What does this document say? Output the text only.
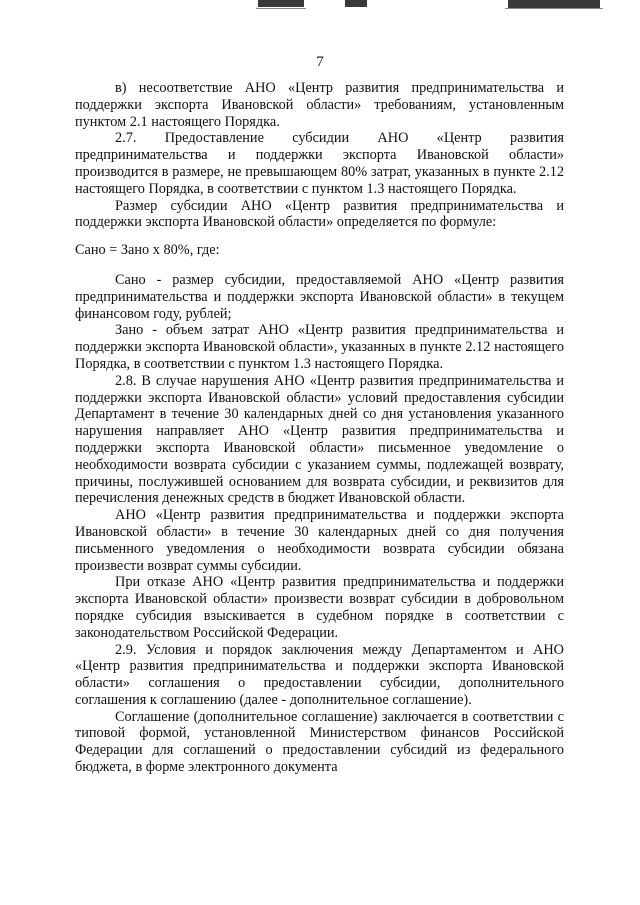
7

в) несоответствие АНО «Центр развития предпринимательства и поддержки экспорта Ивановской области» требованиям, установленным пунктом 2.1 настоящего Порядка.

2.7. Предоставление субсидии АНО «Центр развития предпринимательства и поддержки экспорта Ивановской области» производится в размере, не превышающем 80% затрат, указанных в пункте 2.12 настоящего Порядка, в соответствии с пунктом 1.3 настоящего Порядка.

Размер субсидии АНО «Центр развития предпринимательства и поддержки экспорта Ивановской области» определяется по формуле:

Сано = Зано х 80%, где:

Сано - размер субсидии, предоставляемой АНО «Центр развития предпринимательства и поддержки экспорта Ивановской области» в текущем финансовом году, рублей;

Зано - объем затрат АНО «Центр развития предпринимательства и поддержки экспорта Ивановской области», указанных в пункте 2.12 настоящего Порядка, в соответствии с пунктом 1.3 настоящего Порядка.

2.8. В случае нарушения АНО «Центр развития предпринимательства и поддержки экспорта Ивановской области» условий предоставления субсидии Департамент в течение 30 календарных дней со дня установления указанного нарушения направляет АНО «Центр развития предпринимательства и поддержки экспорта Ивановской области» письменное уведомление о необходимости возврата субсидии с указанием суммы, подлежащей возврату, причины, послужившей основанием для возврата субсидии, и реквизитов для перечисления денежных средств в бюджет Ивановской области.

АНО «Центр развития предпринимательства и поддержки экспорта Ивановской области» в течение 30 календарных дней со дня получения письменного уведомления о необходимости возврата субсидии обязана произвести возврат суммы субсидии.

При отказе АНО «Центр развития предпринимательства и поддержки экспорта Ивановской области» произвести возврат субсидии в добровольном порядке субсидия взыскивается в судебном порядке в соответствии с законодательством Российской Федерации.

2.9. Условия и порядок заключения между Департаментом и АНО «Центр развития предпринимательства и поддержки экспорта Ивановской области» соглашения о предоставлении субсидии, дополнительного соглашения к соглашению (далее - дополнительное соглашение).

Соглашение (дополнительное соглашение) заключается в соответствии с типовой формой, установленной Министерством финансов Российской Федерации для соглашений о предоставлении субсидий из федерального бюджета, в форме электронного документа
